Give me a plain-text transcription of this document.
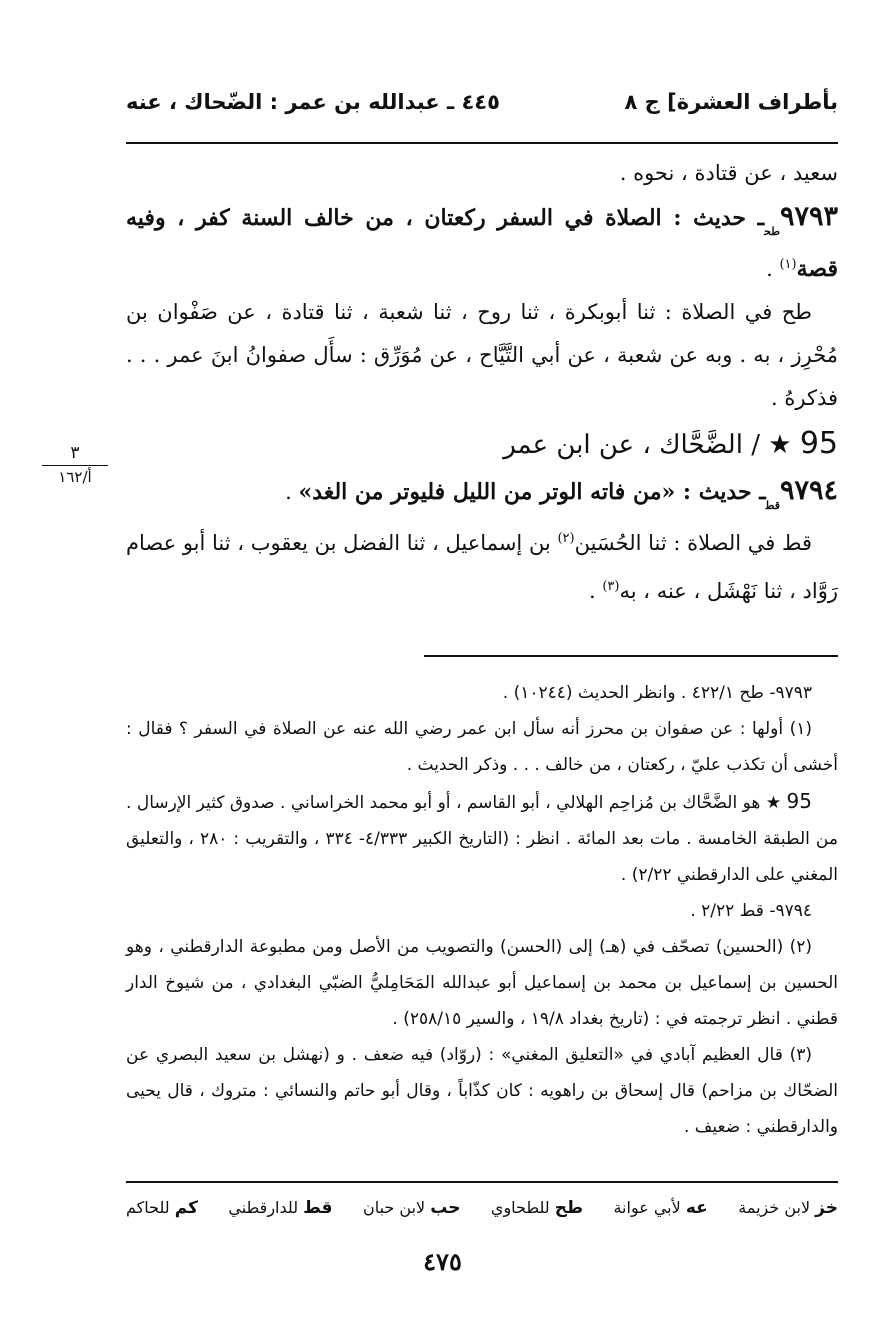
بأطراف العشرة] ج ٨
٤٤٥ ـ عبدالله بن عمر : الضّحاك ، عنه

سعيد ، عن قتادة ، نحوه .

$٩٧٩٣_{طح}ـ$ حديث : الصلاة في السفر ركعتان ، من خالف السنة كفر ، وفيه قصة$^{(١)}$ .

طح في الصلاة : ثنا أبوبكرة ، ثنا روح ، ثنا شعبة ، ثنا قتادة ، عن صَفْوان بن مُحْرِز ، به . وبه عن شعبة ، عن أبي التَّيَّاح ، عن مُوَرِّق : سأَل صفوانُ ابنَ عمر . . . فذكرهُ .

95 ★ / الضَّحَّاك ، عن ابن عمر

$٩٧٩٤_{قط}ـ$ حديث : «من فاته الوتر من الليل فليوتر من الغد» .

قط في الصلاة : ثنا الحُسَين$^{(٢)}$ بن إسماعيل ، ثنا الفضل بن يعقوب ، ثنا أبو عصام رَوَّاد ، ثنا نَهْشَل ، عنه ، به$^{(٣)}$ .

٣
أ/١٦٢

٩٧٩٣- طح ٤٢٢/١ . وانظر الحديث (١٠٢٤٤) .

(١) أولها : عن صفوان بن محرز أنه سأل ابن عمر رضي الله عنه عن الصلاة في السفر ؟ فقال : أخشى أن تكذب عليّ ، ركعتان ، من خالف . . . وذكر الحديث .

95 ★ هو الضَّحَّاك بن مُزاحِم الهلالي ، أبو القاسم ، أو أبو محمد الخراساني . صدوق كثير الإرسال . من الطبقة الخامسة . مات بعد المائة . انظر : (التاريخ الكبير ٤/٣٣٣- ٣٣٤ ، والتقريب : ٢٨٠ ، والتعليق المغني على الدارقطني ٢/٢٢) .

٩٧٩٤- قط ٢/٢٢ .

(٢) (الحسين) تصحّف في (هـ) إلى (الحسن) والتصويب من الأصل ومن مطبوعة الدارقطني ، وهو الحسين بن إسماعيل بن محمد بن إسماعيل أبو عبدالله المَحَامِليُّ الضبّي البغدادي ، من شيوخ الدار قطني . انظر ترجمته في : (تاريخ بغداد ١٩/٨ ، والسير ٢٥٨/١٥) .

(٣) قال العظيم آبادي في «التعليق المغني» : (روّاد) فيه ضعف . و (نهشل بن سعيد البصري عن الضحّاك بن مزاحم) قال إسحاق بن راهويه : كان كذّاباً ، وقال أبو حاتم والنسائي : متروك ، قال يحيى والدارقطني : ضعيف .

خز لابن خزيمة
عه لأبي عوانة
طح للطحاوي
حب لابن حبان
قط للدارقطني
كم للحاكم
٤٧٥
